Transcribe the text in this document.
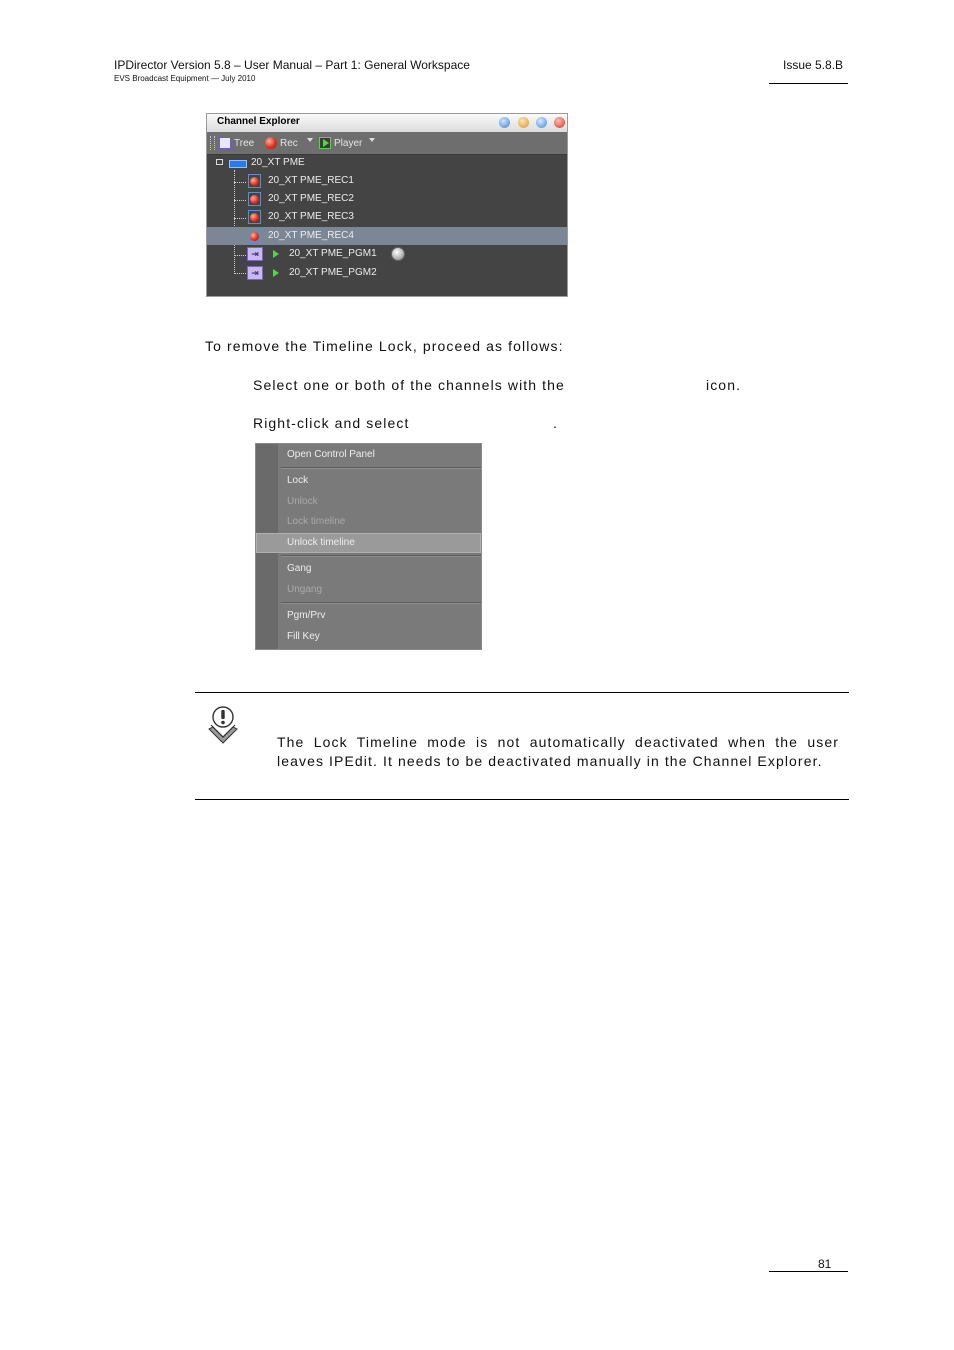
IPDirector Version 5.8 – User Manual – Part 1: General Workspace
EVS Broadcast Equipment — July 2010
Issue 5.8.B
Channel Explorer
Tree	Rec	Player
20_XT PME
20_XT PME_REC1
20_XT PME_REC2
20_XT PME_REC3
20_XT PME_REC4
⇥	20_XT PME_PGM1
⇥	20_XT PME_PGM2
To remove the Timeline Lock, proceed as follows:
Select one or both of the channels with the	icon.
Right-click and select	.
Open Control Panel
Lock
Unlock
Lock timeline
Unlock timeline
Gang
Ungang
Pgm/Prv
Fill Key
The Lock Timeline mode is not automatically deactivated when the user leaves IPEdit. It needs to be deactivated manually in the Channel Explorer.
81
